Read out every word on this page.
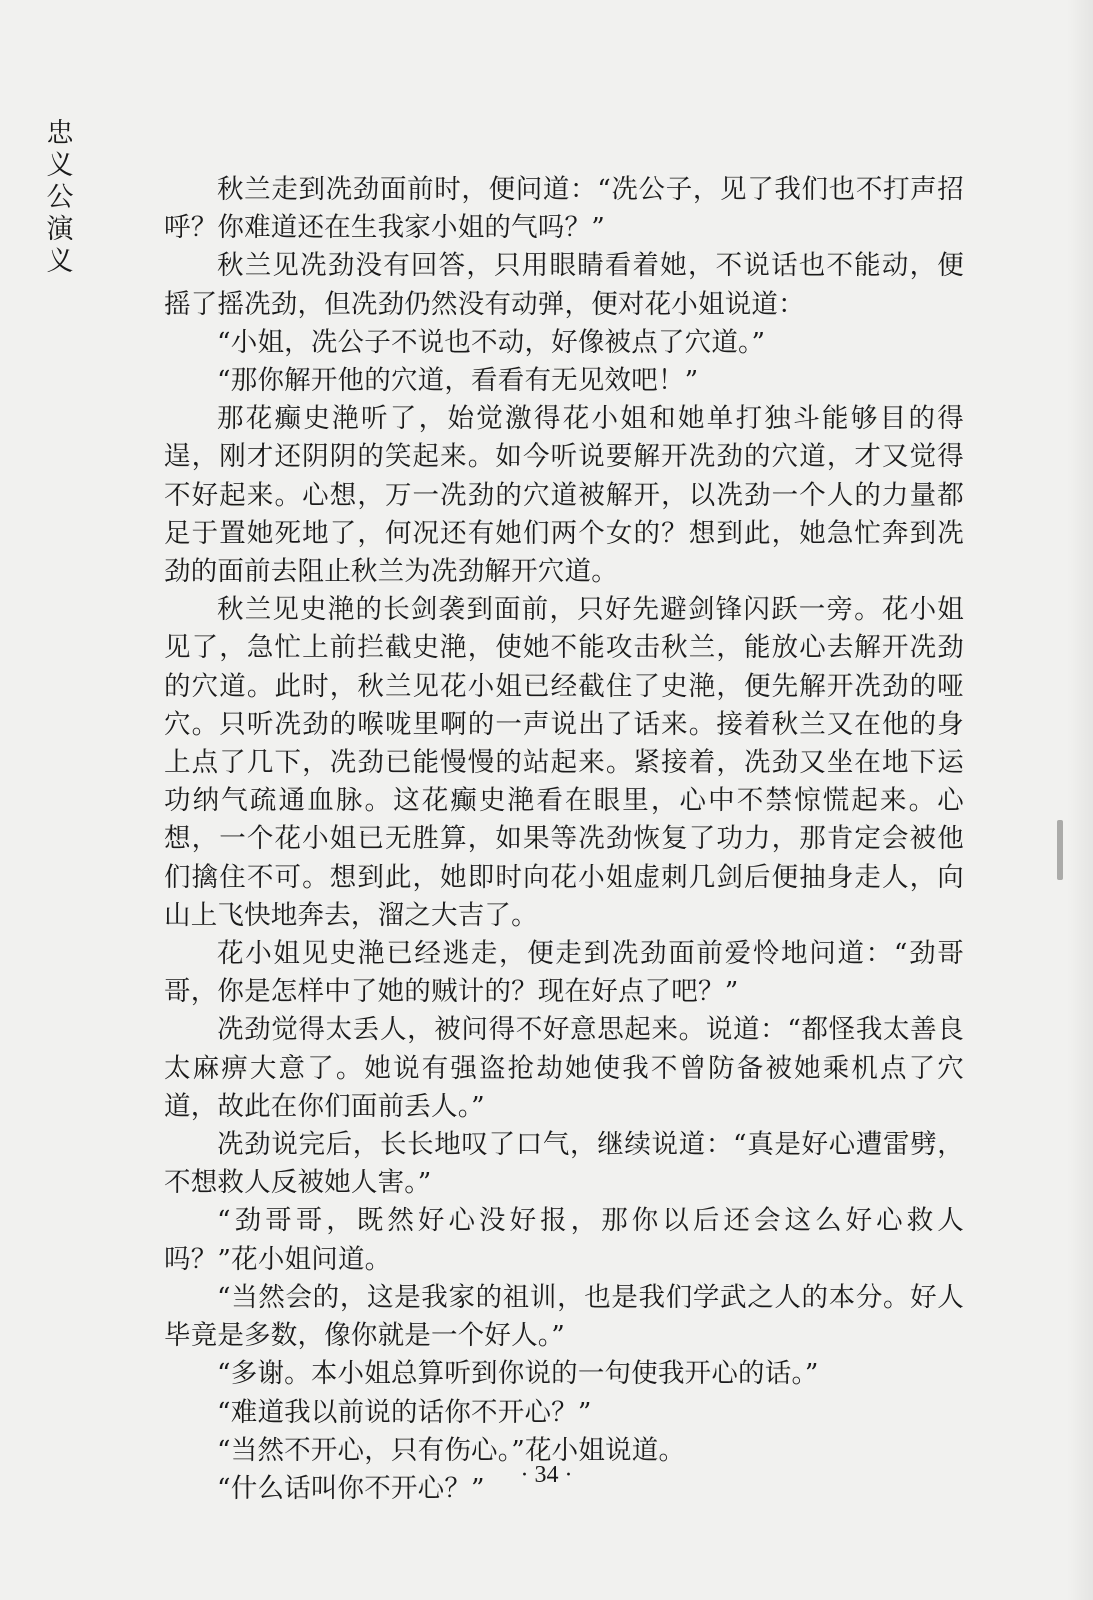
忠
义
公
演
义

秋兰走到冼劲面前时，便问道：“冼公子，见了我们也不打声招呼？你难道还在生我家小姐的气吗？”

秋兰见冼劲没有回答，只用眼睛看着她，不说话也不能动，便摇了摇冼劲，但冼劲仍然没有动弹，便对花小姐说道：

“小姐，冼公子不说也不动，好像被点了穴道。”

“那你解开他的穴道，看看有无见效吧！”

那花癫史滟听了，始觉激得花小姐和她单打独斗能够目的得逞，刚才还阴阴的笑起来。如今听说要解开冼劲的穴道，才又觉得不好起来。心想，万一冼劲的穴道被解开，以冼劲一个人的力量都足于置她死地了，何况还有她们两个女的？想到此，她急忙奔到冼劲的面前去阻止秋兰为冼劲解开穴道。

秋兰见史滟的长剑袭到面前，只好先避剑锋闪跃一旁。花小姐见了，急忙上前拦截史滟，使她不能攻击秋兰，能放心去解开冼劲的穴道。此时，秋兰见花小姐已经截住了史滟，便先解开冼劲的哑穴。只听冼劲的喉咙里啊的一声说出了话来。接着秋兰又在他的身上点了几下，冼劲已能慢慢的站起来。紧接着，冼劲又坐在地下运功纳气疏通血脉。这花癫史滟看在眼里，心中不禁惊慌起来。心想，一个花小姐已无胜算，如果等冼劲恢复了功力，那肯定会被他们擒住不可。想到此，她即时向花小姐虚刺几剑后便抽身走人，向山上飞快地奔去，溜之大吉了。

花小姐见史滟已经逃走，便走到冼劲面前爱怜地问道：“劲哥哥，你是怎样中了她的贼计的？现在好点了吧？”

冼劲觉得太丢人，被问得不好意思起来。说道：“都怪我太善良太麻痹大意了。她说有强盗抢劫她使我不曾防备被她乘机点了穴道，故此在你们面前丢人。”

冼劲说完后，长长地叹了口气，继续说道：“真是好心遭雷劈，不想救人反被她人害。”

“劲哥哥，既然好心没好报，那你以后还会这么好心救人吗？”花小姐问道。

“当然会的，这是我家的祖训，也是我们学武之人的本分。好人毕竟是多数，像你就是一个好人。”

“多谢。本小姐总算听到你说的一句使我开心的话。”

“难道我以前说的话你不开心？”

“当然不开心，只有伤心。”花小姐说道。

“什么话叫你不开心？”	· 34 ·
